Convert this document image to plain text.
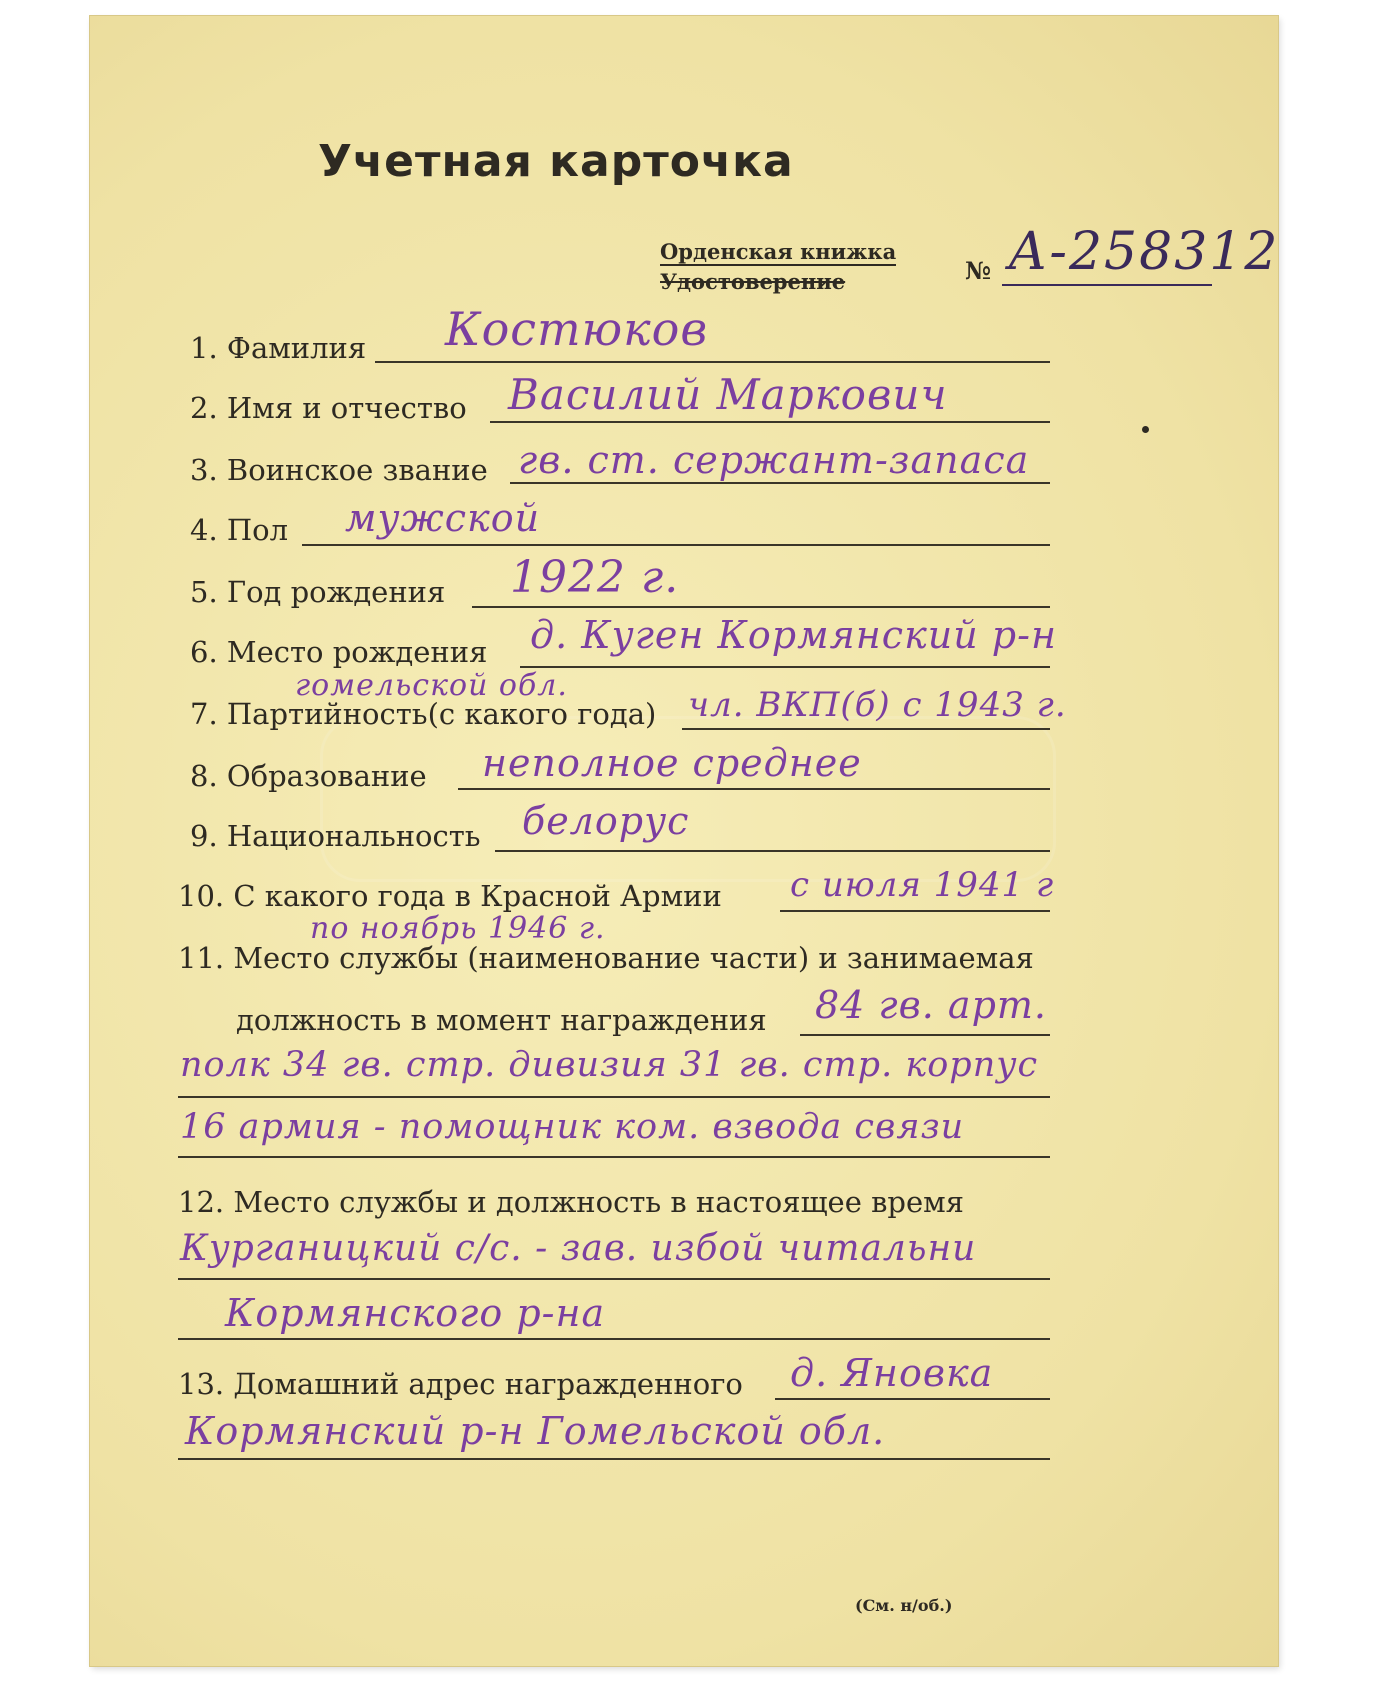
Учетная карточка
Орденская книжка
Удостоверение	№ А-258312
1. Фамилия Костюков
2. Имя и отчество Василий Маркович
3. Воинское звание гв. ст. сержант-запаса
4. Пол мужской
5. Год рождения 1922 г.
6. Место рождения д. Куген Кормянский р-н
гомельской обл.
7. Партийность(с какого года) чл. ВКП(б) с 1943 г.
8. Образование неполное среднее
9. Национальность белорус
10. С какого года в Красной Армии с июля 1941 г
по ноябрь 1946 г.
11. Место службы (наименование части) и занимаемая
должность в момент награждения 84 гв. арт.
полк 34 гв. стр. дивизия 31 гв. стр. корпус
16 армия - помощник ком. взвода связи
12. Место службы и должность в настоящее время
Курганицкий с/с. - зав. избой читальни
Кормянского р-на
13. Домашний адрес награжденного д. Яновка
Кормянский р-н Гомельской обл.
(См. н/об.)
